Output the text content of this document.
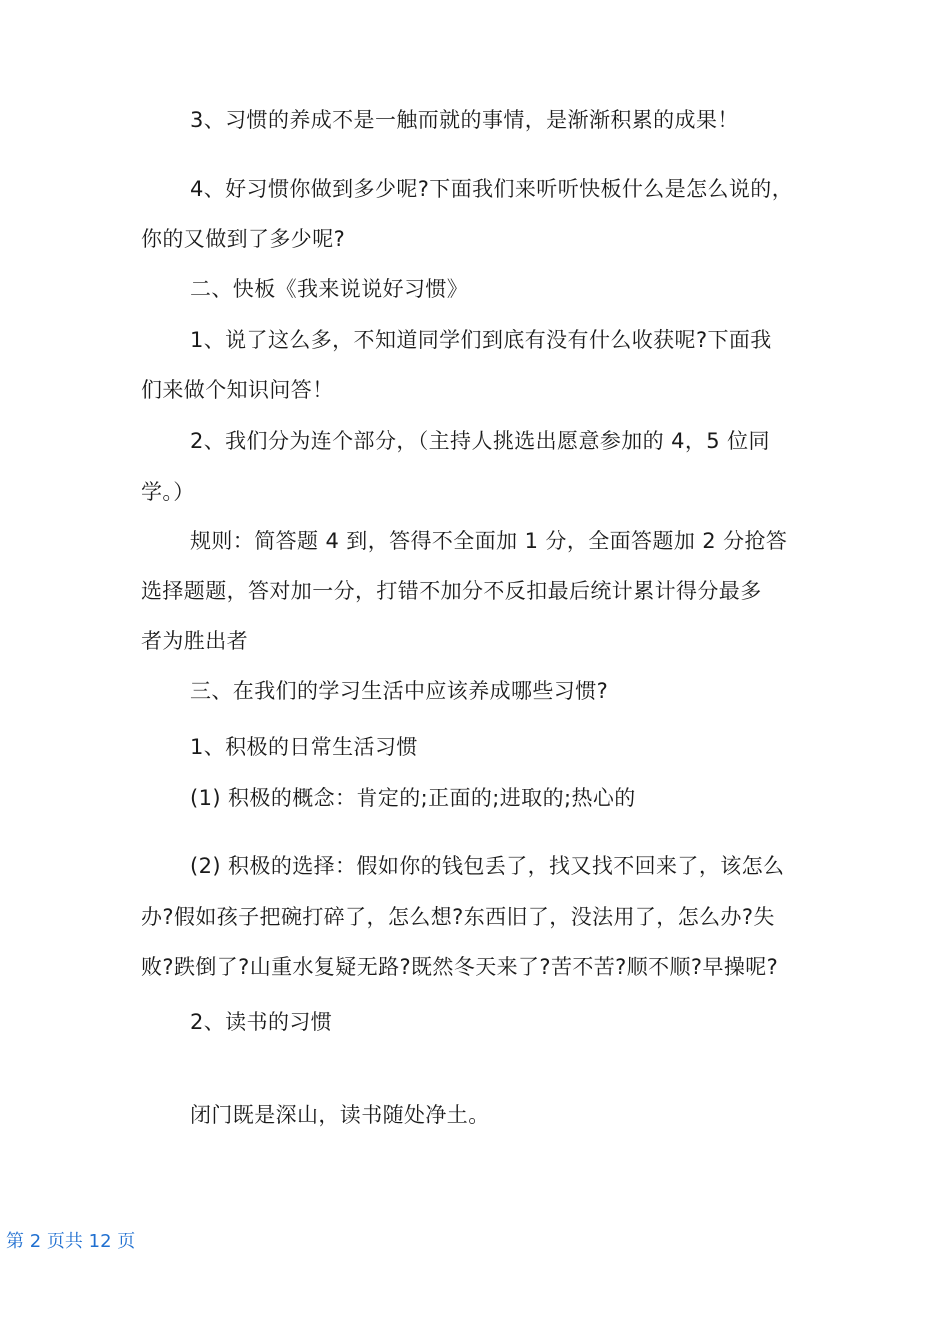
3、习惯的养成不是一触而就的事情，是渐渐积累的成果！
4、好习惯你做到多少呢?下面我们来听听快板什么是怎么说的，
你的又做到了多少呢?
二、快板《我来说说好习惯》
1、说了这么多，不知道同学们到底有没有什么收获呢?下面我
们来做个知识问答！
2、我们分为连个部分，（主持人挑选出愿意参加的 4，5 位同
学。）
规则：简答题 4 到，答得不全面加 1 分，全面答题加 2 分抢答
选择题题，答对加一分，打错不加分不反扣最后统计累计得分最多
者为胜出者
三、在我们的学习生活中应该养成哪些习惯?
1、积极的日常生活习惯
(1) 积极的概念：肯定的;正面的;进取的;热心的
(2) 积极的选择：假如你的钱包丢了，找又找不回来了，该怎么
办?假如孩子把碗打碎了，怎么想?东西旧了，没法用了，怎么办?失
败?跌倒了?山重水复疑无路?既然冬天来了?苦不苦?顺不顺?早操呢?
2、读书的习惯
闭门既是深山，读书随处净土。
第 2 页共 12 页
